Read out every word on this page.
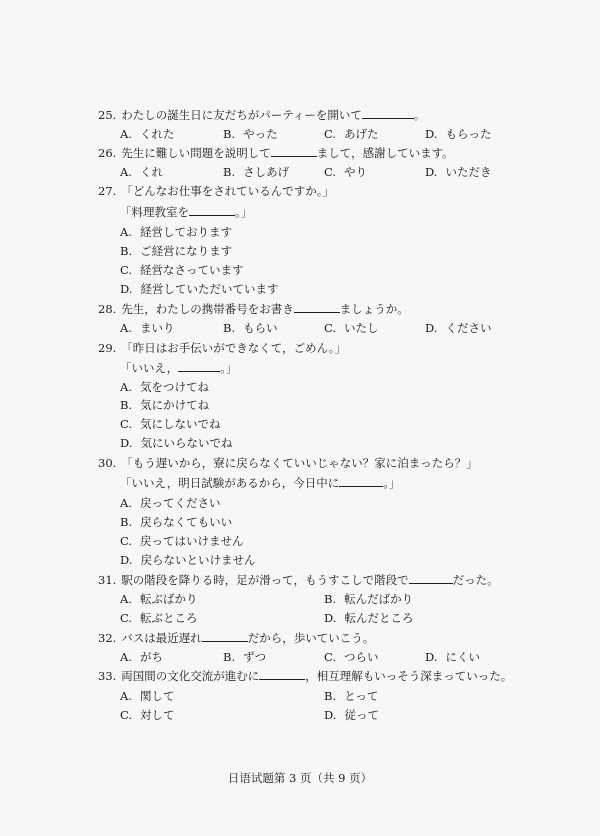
25. わたしの誕生日に友だちがパーティーを開いて	。
A. くれた	B. やった	C. あげた	D. もらった
26. 先生に難しい問題を説明して	まして，感謝しています。
A. くれ	B. さしあげ	C. やり	D. いただき
27. 「どんなお仕事をされているんですか。」
「料理教室を	。」
A. 経営しております
B. ご経営になります
C. 経営なさっています
D. 経営していただいています
28. 先生，わたしの携帯番号をお書き	ましょうか。
A. まいり	B. もらい	C. いたし	D. ください
29. 「昨日はお手伝いができなくて，ごめん。」
「いいえ，	。」
A. 気をつけてね
B. 気にかけてね
C. 気にしないでね
D. 気にいらないでね
30. 「もう遅いから，寮に戻らなくていいじゃない？家に泊まったら？」
「いいえ，明日試験があるから，今日中に	。」
A. 戻ってください
B. 戻らなくてもいい
C. 戻ってはいけません
D. 戻らないといけません
31. 駅の階段を降りる時，足が滑って，もうすこしで階段で	だった。
A. 転ぶばかり	B. 転んだばかり
C. 転ぶところ	D. 転んだところ
32. バスは最近遅れ	だから，歩いていこう。
A. がち	B. ずつ	C. つらい	D. にくい
33. 両国間の文化交流が進むに	，相互理解もいっそう深まっていった。
A. 関して	B. とって
C. 対して	D. 従って
日语试题第 3 页（共 9 页）
